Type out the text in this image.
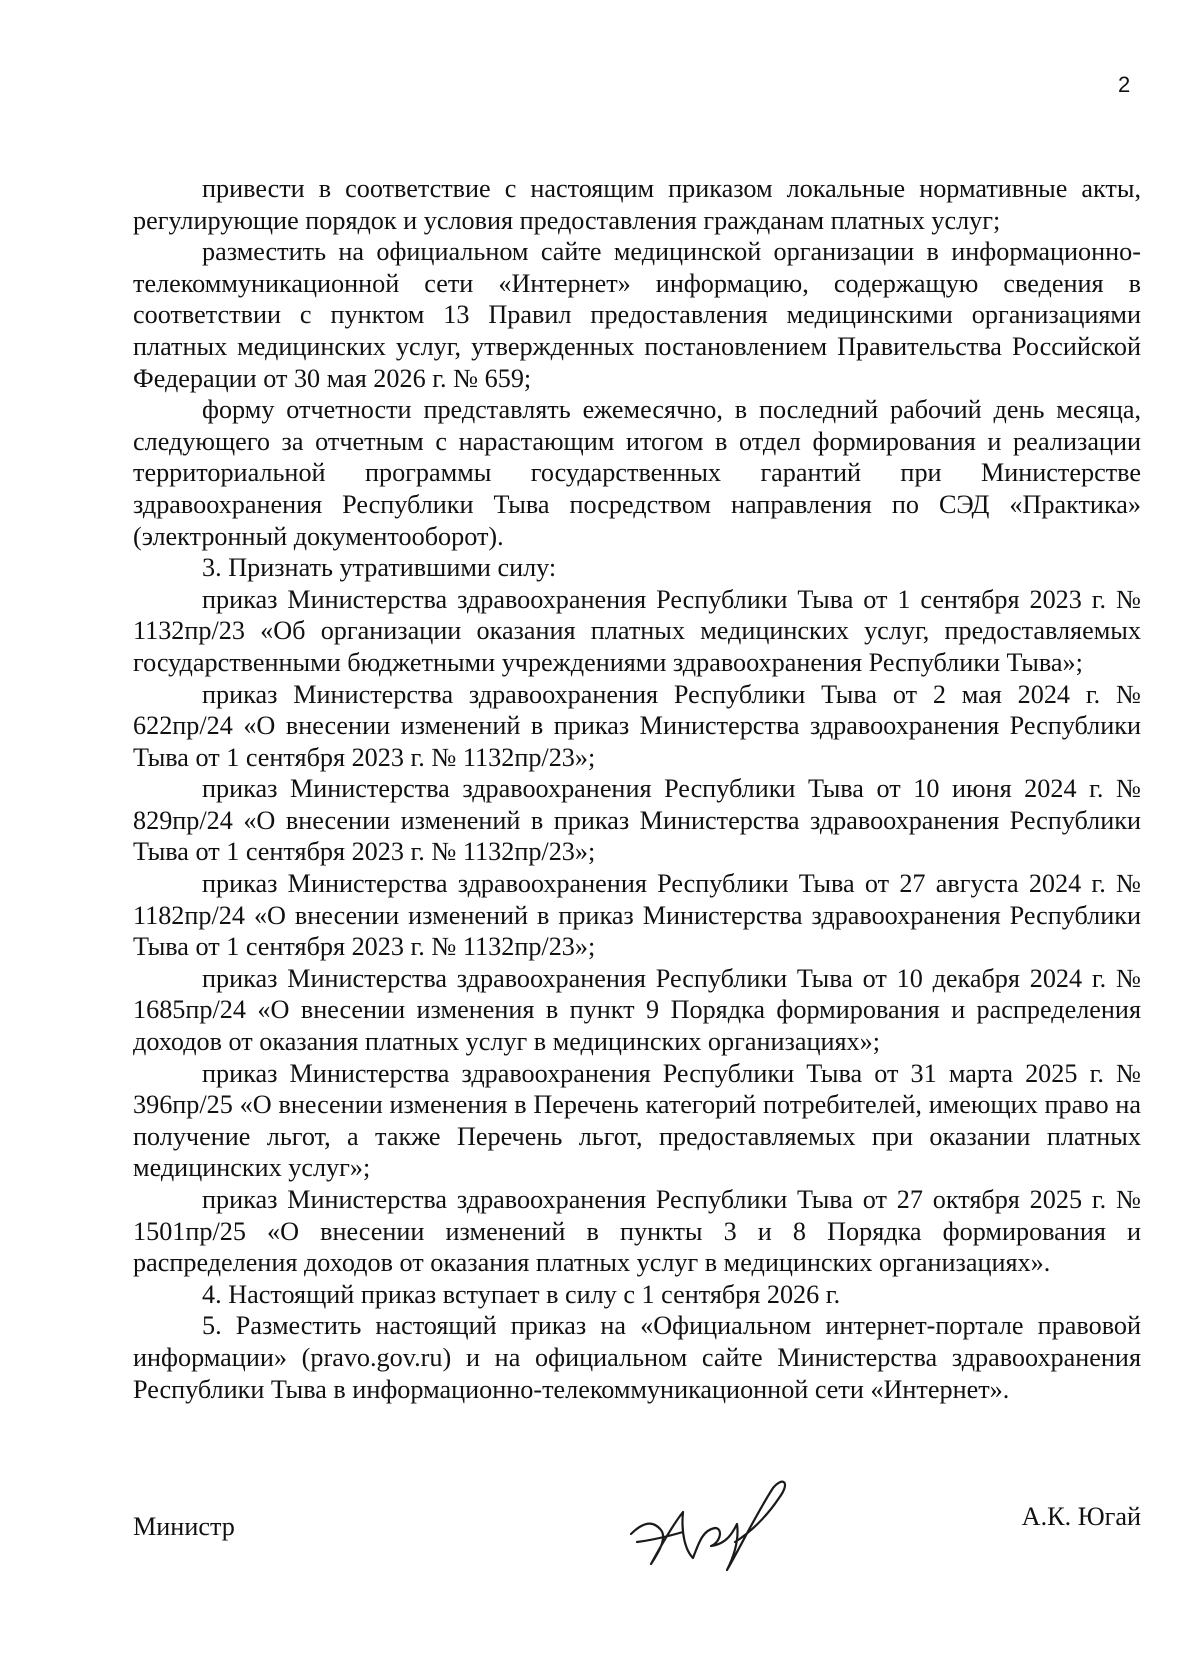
2

привести в соответствие с настоящим приказом локальные нормативные акты, регулирующие порядок и условия предоставления гражданам платных услуг;

разместить на официальном сайте медицинской организации в информационно-телекоммуникационной сети «Интернет» информацию, содержащую сведения в соответствии с пунктом 13 Правил предоставления медицинскими организациями платных медицинских услуг, утвержденных постановлением Правительства Российской Федерации от 30 мая 2026 г. № 659;

форму отчетности представлять ежемесячно, в последний рабочий день месяца, следующего за отчетным с нарастающим итогом в отдел формирования и реализации территориальной программы государственных гарантий при Министерстве здравоохранения Республики Тыва посредством направления по СЭД «Практика» (электронный документооборот).

3. Признать утратившими силу:

приказ Министерства здравоохранения Республики Тыва от 1 сентября 2023 г. № 1132пр/23 «Об организации оказания платных медицинских услуг, предоставляемых государственными бюджетными учреждениями здравоохранения Республики Тыва»;

приказ Министерства здравоохранения Республики Тыва от 2 мая 2024 г. № 622пр/24 «О внесении изменений в приказ Министерства здравоохранения Республики Тыва от 1 сентября 2023 г. № 1132пр/23»;

приказ Министерства здравоохранения Республики Тыва от 10 июня 2024 г. № 829пр/24 «О внесении изменений в приказ Министерства здравоохранения Республики Тыва от 1 сентября 2023 г. № 1132пр/23»;

приказ Министерства здравоохранения Республики Тыва от 27 августа 2024 г. № 1182пр/24 «О внесении изменений в приказ Министерства здравоохранения Республики Тыва от 1 сентября 2023 г. № 1132пр/23»;

приказ Министерства здравоохранения Республики Тыва от 10 декабря 2024 г. № 1685пр/24 «О внесении изменения в пункт 9 Порядка формирования и распределения доходов от оказания платных услуг в медицинских организациях»;

приказ Министерства здравоохранения Республики Тыва от 31 марта 2025 г. № 396пр/25 «О внесении изменения в Перечень категорий потребителей, имеющих право на получение льгот, а также Перечень льгот, предоставляемых при оказании платных медицинских услуг»;

приказ Министерства здравоохранения Республики Тыва от 27 октября 2025 г. № 1501пр/25 «О внесении изменений в пункты 3 и 8 Порядка формирования и распределения доходов от оказания платных услуг в медицинских организациях».

4. Настоящий приказ вступает в силу с 1 сентября 2026 г.

5. Разместить настоящий приказ на «Официальном интернет-портале правовой информации» (pravo.gov.ru) и на официальном сайте Министерства здравоохранения Республики Тыва в информационно-телекоммуникационной сети «Интернет».

Министр	А.К. Югай
